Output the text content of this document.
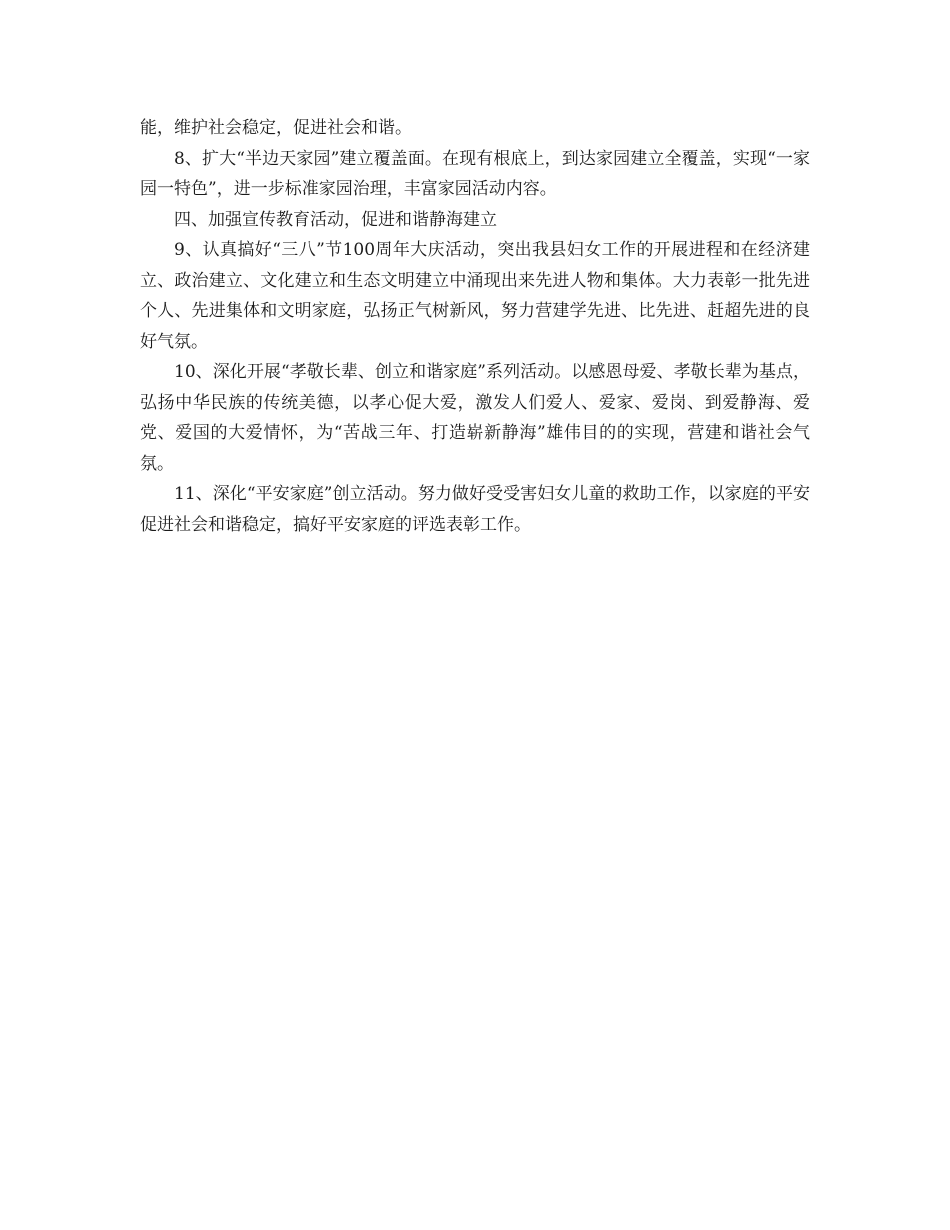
能，维护社会稳定，促进社会和谐。

8、扩大“半边天家园”建立覆盖面。在现有根底上，到达家园建立全覆盖，实现“一家园一特色”，进一步标准家园治理，丰富家园活动内容。

四、加强宣传教育活动，促进和谐静海建立

9、认真搞好“三八”节100周年大庆活动，突出我县妇女工作的开展进程和在经济建立、政治建立、文化建立和生态文明建立中涌现出来先进人物和集体。大力表彰一批先进个人、先进集体和文明家庭，弘扬正气树新风，努力营建学先进、比先进、赶超先进的良好气氛。

10、深化开展“孝敬长辈、创立和谐家庭”系列活动。以感恩母爱、孝敬长辈为基点，弘扬中华民族的传统美德，以孝心促大爱，激发人们爱人、爱家、爱岗、到爱静海、爱党、爱国的大爱情怀，为“苦战三年、打造崭新静海”雄伟目的的实现，营建和谐社会气氛。

11、深化“平安家庭”创立活动。努力做好受受害妇女儿童的救助工作，以家庭的平安促进社会和谐稳定，搞好平安家庭的评选表彰工作。
